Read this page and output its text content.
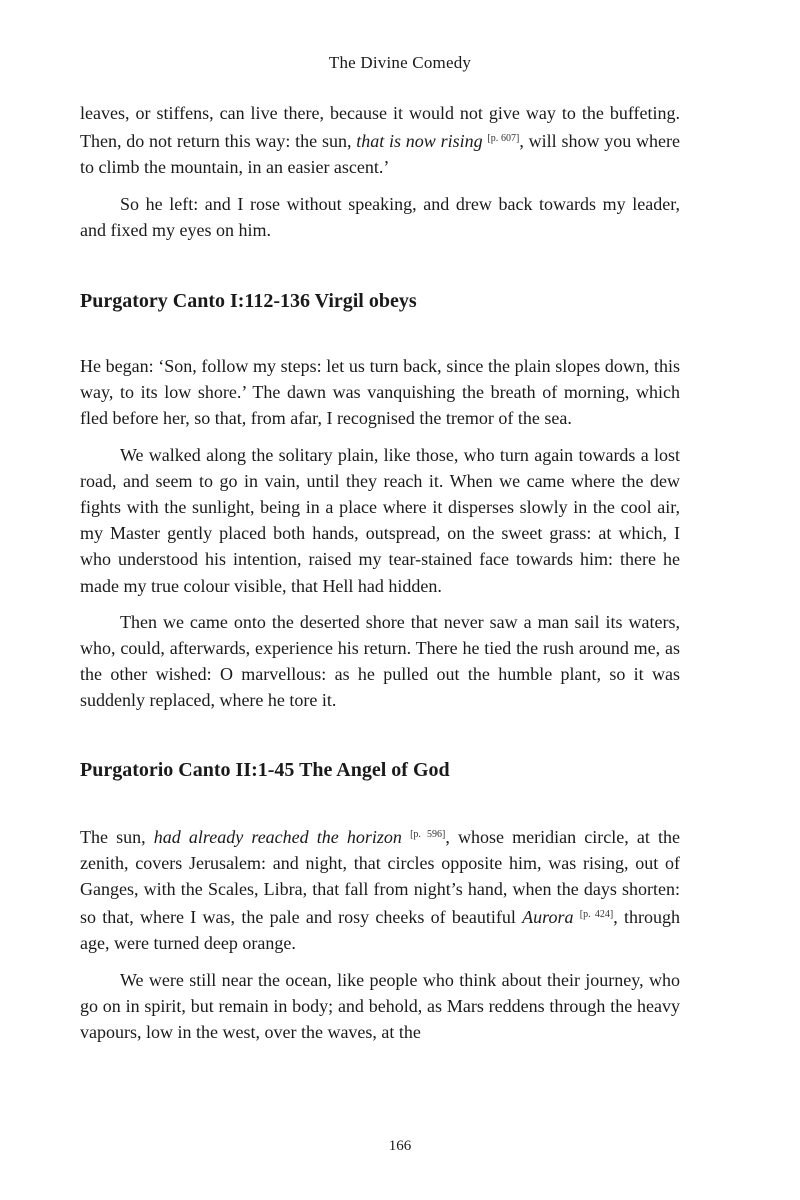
The Divine Comedy

leaves, or stiffens, can live there, because it would not give way to the buffeting. Then, do not return this way: the sun, that is now rising [p. 607], will show you where to climb the mountain, in an easier ascent.’

So he left: and I rose without speaking, and drew back towards my leader, and fixed my eyes on him.

Purgatory Canto I:112-136 Virgil obeys

He began: ‘Son, follow my steps: let us turn back, since the plain slopes down, this way, to its low shore.’ The dawn was vanquishing the breath of morning, which fled before her, so that, from afar, I recognised the tremor of the sea.

We walked along the solitary plain, like those, who turn again towards a lost road, and seem to go in vain, until they reach it. When we came where the dew fights with the sunlight, being in a place where it disperses slowly in the cool air, my Master gently placed both hands, outspread, on the sweet grass: at which, I who understood his intention, raised my tear-stained face towards him: there he made my true colour visible, that Hell had hidden.

Then we came onto the deserted shore that never saw a man sail its waters, who, could, afterwards, experience his return. There he tied the rush around me, as the other wished: O marvellous: as he pulled out the humble plant, so it was suddenly replaced, where he tore it.

Purgatorio Canto II:1-45 The Angel of God

The sun, had already reached the horizon [p. 596], whose meridian circle, at the zenith, covers Jerusalem: and night, that circles opposite him, was rising, out of Ganges, with the Scales, Libra, that fall from night’s hand, when the days shorten: so that, where I was, the pale and rosy cheeks of beautiful Aurora [p. 424], through age, were turned deep orange.

We were still near the ocean, like people who think about their journey, who go on in spirit, but remain in body; and behold, as Mars reddens through the heavy vapours, low in the west, over the waves, at the

166
